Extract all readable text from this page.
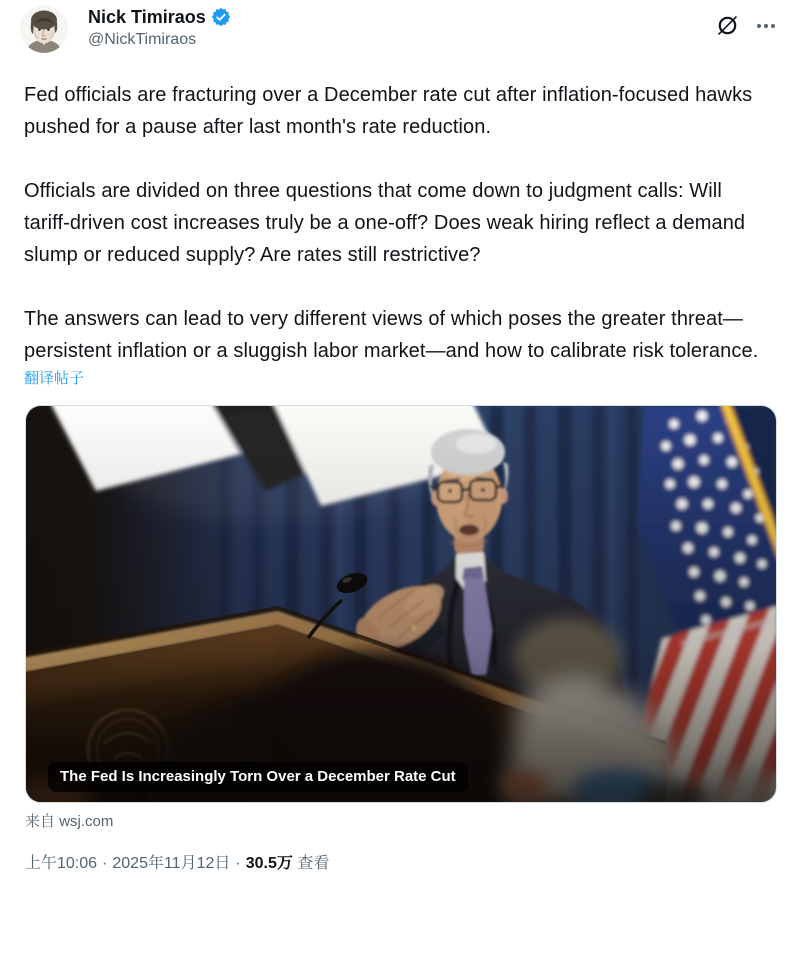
Nick Timiraos
@NickTimiraos

Fed officials are fracturing over a December rate cut after inflation-focused hawks pushed for a pause after last month's rate reduction.

Officials are divided on three questions that come down to judgment calls: Will tariff-driven cost increases truly be a one-off? Does weak hiring reflect a demand slump or reduced supply? Are rates still restrictive?

The answers can lead to very different views of which poses the greater threat—persistent inflation or a sluggish labor market—and how to calibrate risk tolerance.

翻译帖子
The Fed Is Increasingly Torn Over a December Rate Cut
来自 wsj.com
上午10:06 · 2025年11月12日 · 30.5万 查看
